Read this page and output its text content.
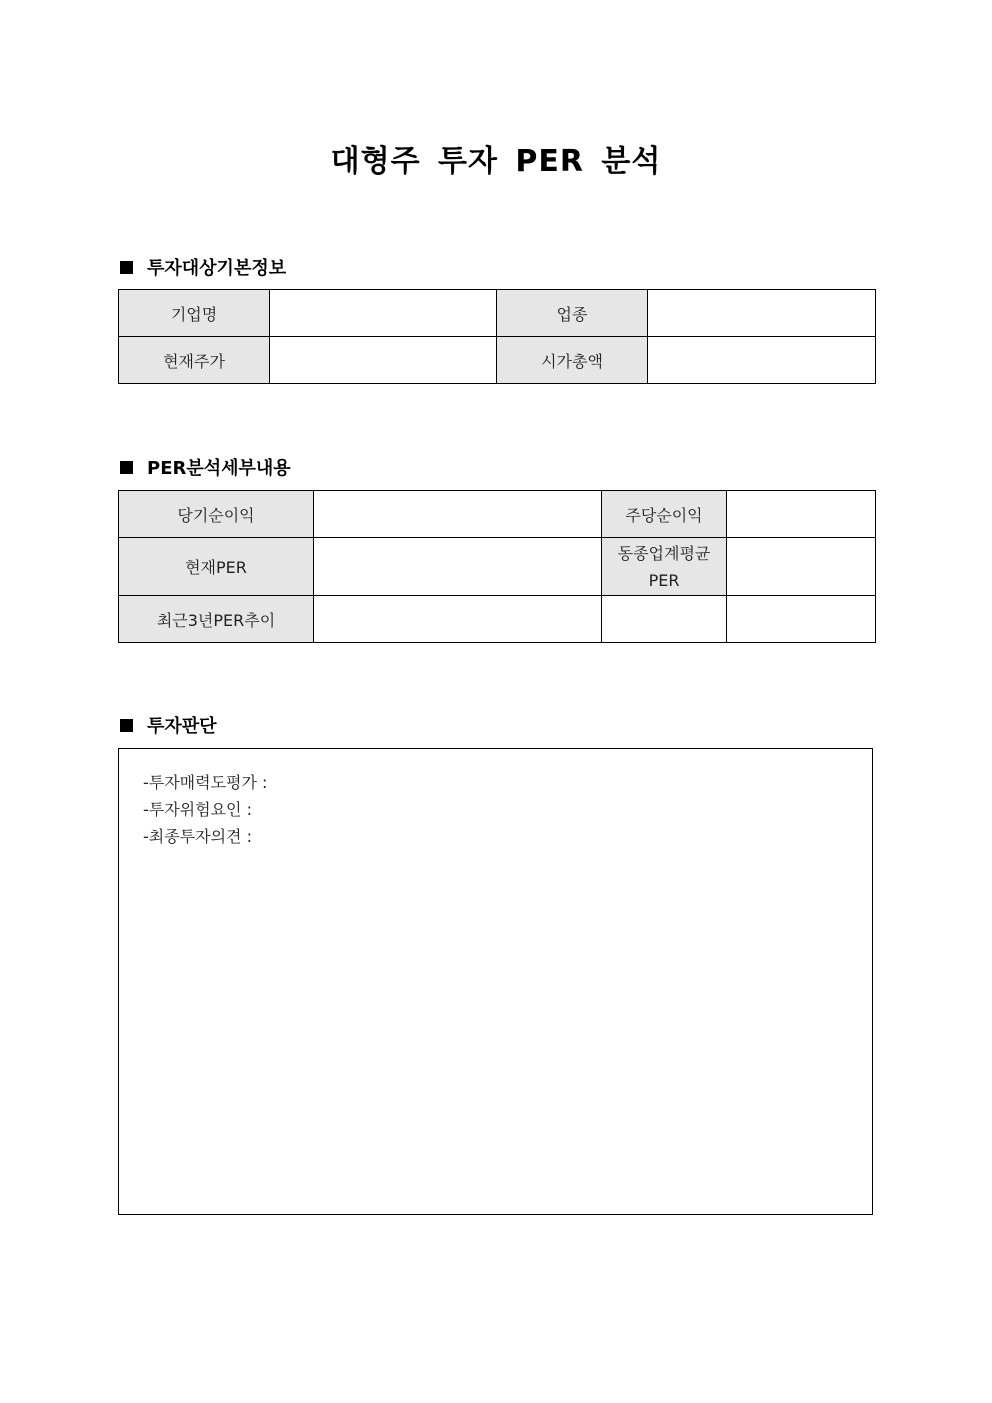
대형주 투자 PER 분석
투자대상기본정보
기업명		업종	
현재주가		시가총액	
PER분석세부내용
당기순이익		주당순이익	
현재PER		동종업계평균
PER	

최근3년PER추이			
투자판단
-투자매력도평가 :
-투자위험요인 :
-최종투자의견 :
